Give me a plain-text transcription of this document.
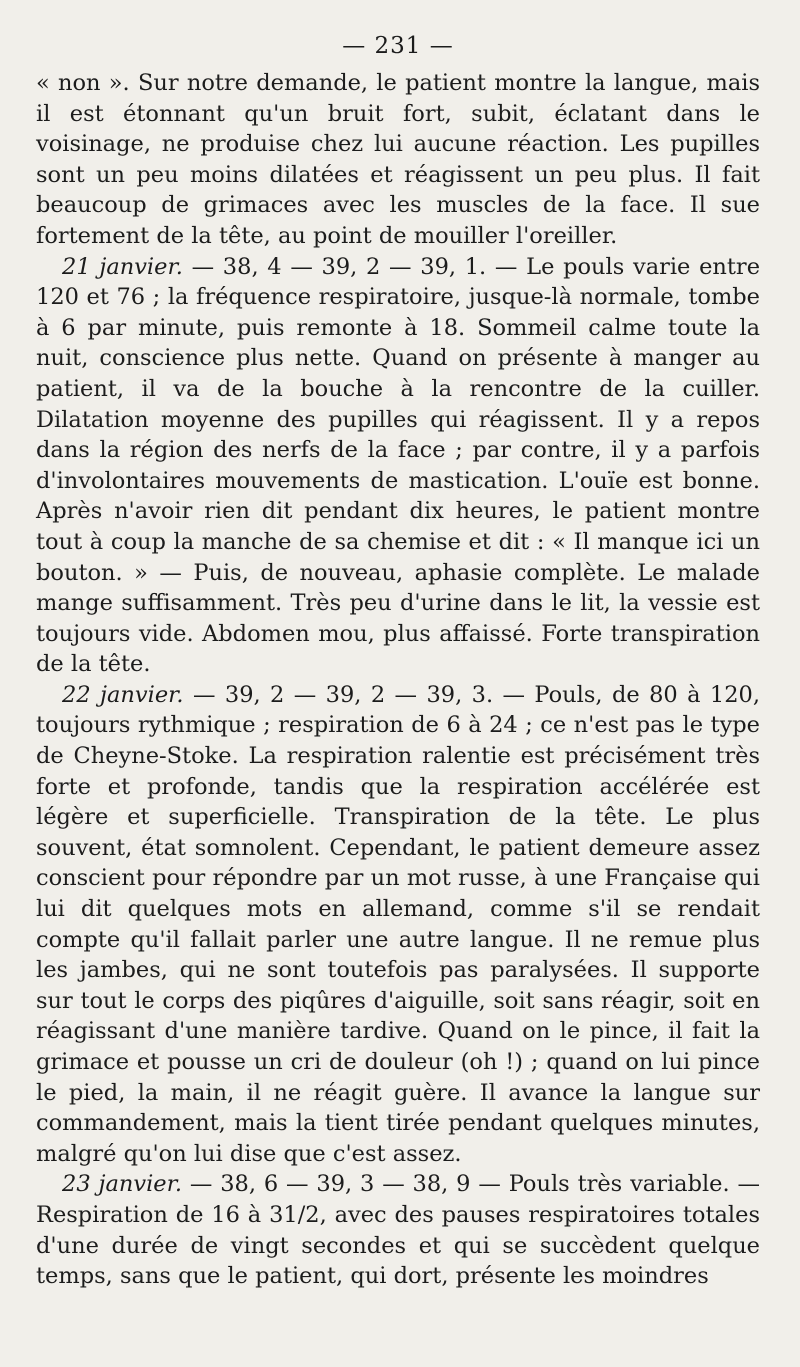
— 231 —

« non ». Sur notre demande, le patient montre la langue, mais il est étonnant qu'un bruit fort, subit, éclatant dans le voisinage, ne produise chez lui aucune réaction. Les pupilles sont un peu moins dilatées et réagissent un peu plus. Il fait beaucoup de grimaces avec les muscles de la face. Il sue fortement de la tête, au point de mouiller l'oreiller.

21 janvier. — 38, 4 — 39, 2 — 39, 1. — Le pouls varie entre 120 et 76 ; la fréquence respiratoire, jusque-là normale, tombe à 6 par minute, puis remonte à 18. Sommeil calme toute la nuit, conscience plus nette. Quand on présente à manger au patient, il va de la bouche à la rencontre de la cuiller. Dilatation moyenne des pupilles qui réagissent. Il y a repos dans la région des nerfs de la face ; par contre, il y a parfois d'involontaires mouvements de mastication. L'ouïe est bonne. Après n'avoir rien dit pendant dix heures, le patient montre tout à coup la manche de sa chemise et dit : « Il manque ici un bouton. » — Puis, de nouveau, aphasie complète. Le malade mange suffisamment. Très peu d'urine dans le lit, la vessie est toujours vide. Abdomen mou, plus affaissé. Forte transpiration de la tête.

22 janvier. — 39, 2 — 39, 2 — 39, 3. — Pouls, de 80 à 120, toujours rythmique ; respiration de 6 à 24 ; ce n'est pas le type de Cheyne-Stoke. La respiration ralentie est précisément très forte et profonde, tandis que la respiration accélérée est légère et superficielle. Transpiration de la tête. Le plus souvent, état somnolent. Cependant, le patient demeure assez conscient pour répondre par un mot russe, à une Française qui lui dit quelques mots en allemand, comme s'il se rendait compte qu'il fallait parler une autre langue. Il ne remue plus les jambes, qui ne sont toutefois pas paralysées. Il supporte sur tout le corps des piqûres d'aiguille, soit sans réagir, soit en réagissant d'une manière tardive. Quand on le pince, il fait la grimace et pousse un cri de douleur (oh !) ; quand on lui pince le pied, la main, il ne réagit guère. Il avance la langue sur commandement, mais la tient tirée pendant quelques minutes, malgré qu'on lui dise que c'est assez.

23 janvier. — 38, 6 — 39, 3 — 38, 9 — Pouls très variable. — Respiration de 16 à 31/2, avec des pauses respiratoires totales d'une durée de vingt secondes et qui se succèdent quelque temps, sans que le patient, qui dort, présente les moindres
